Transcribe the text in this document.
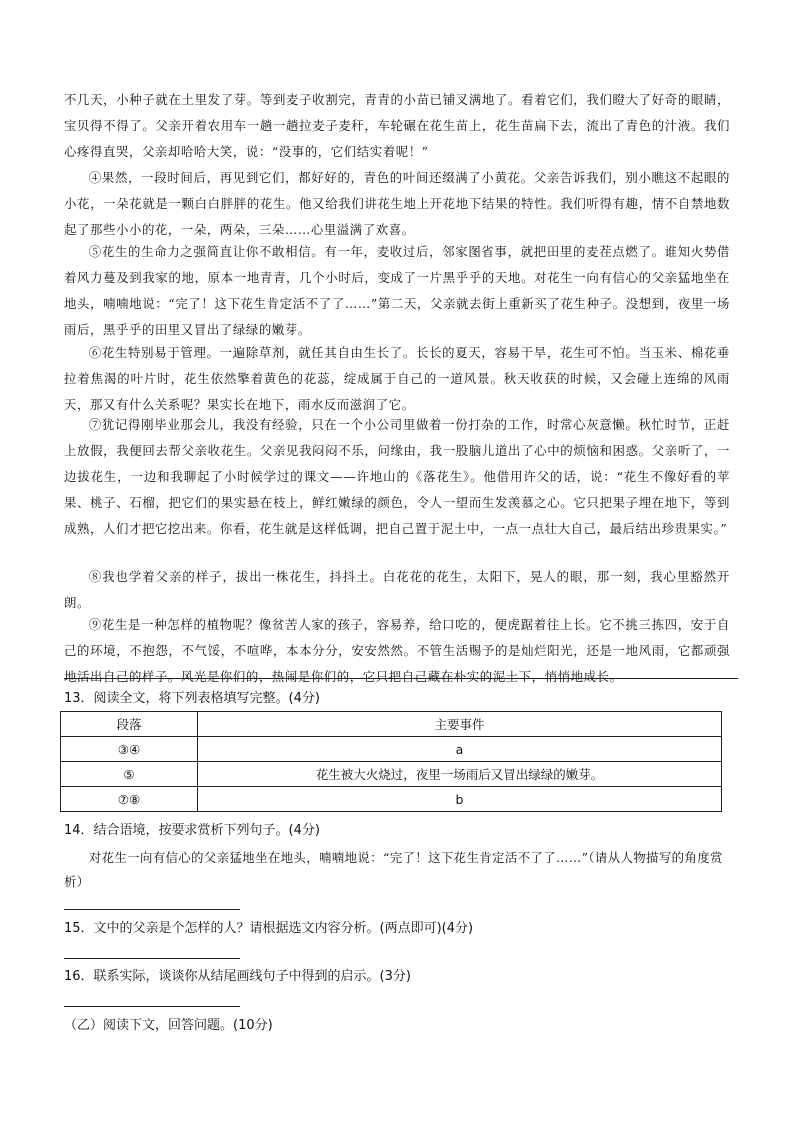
不几天，小种子就在土里发了芽。等到麦子收割完，青青的小苗已铺叉满地了。看着它们，我们瞪大了好奇的眼睛，宝贝得不得了。父亲开着农用车一趟一趟拉麦子麦秆，车轮碾在花生苗上，花生苗扁下去，流出了青色的汁液。我们心疼得直哭，父亲却哈哈大笑，说：“没事的，它们结实着呢！”

④果然，一段时间后，再见到它们，都好好的，青色的叶间还缀满了小黄花。父亲告诉我们，别小瞧这不起眼的小花，一朵花就是一颗白白胖胖的花生。他又给我们讲花生地上开花地下结果的特性。我们听得有趣，情不自禁地数起了那些小小的花，一朵，两朵，三朵……心里溢满了欢喜。

⑤花生的生命力之强简直让你不敢相信。有一年，麦收过后，邻家图省事，就把田里的麦茬点燃了。谁知火势借着风力蔓及到我家的地，原本一地青青，几个小时后，变成了一片黑乎乎的天地。对花生一向有信心的父亲猛地坐在地头，喃喃地说：“完了！这下花生肯定活不了了……”第二天，父亲就去街上重新买了花生种子。没想到，夜里一场雨后，黑乎乎的田里又冒出了绿绿的嫩芽。

⑥花生特别易于管理。一遍除草剂，就任其自由生长了。长长的夏天，容易干旱，花生可不怕。当玉米、棉花垂拉着焦渴的叶片时，花生依然擎着黄色的花蕊，绽成属于自己的一道风景。秋天收获的时候，又会碰上连绵的风雨天，那又有什么关系呢？果实长在地下，雨水反而滋润了它。

⑦犹记得刚毕业那会儿，我没有经验，只在一个小公司里做着一份打杂的工作，时常心灰意懒。秋忙时节，正赶上放假，我便回去帮父亲收花生。父亲见我闷闷不乐，问缘由，我一股脑儿道出了心中的烦恼和困惑。父亲听了，一边拔花生，一边和我聊起了小时候学过的课文——许地山的《落花生》。他借用许父的话，说：“花生不像好看的苹果、桃子、石榴，把它们的果实悬在枝上，鲜红嫩绿的颜色，令人一望而生发羡慕之心。它只把果子埋在地下，等到成熟，人们才把它挖出来。你看，花生就是这样低调，把自己置于泥土中，一点一点壮大自己，最后结出珍贵果实。”

⑧我也学着父亲的样子，拔出一株花生，抖抖土。白花花的花生，太阳下，晃人的眼，那一刻，我心里豁然开朗。

⑨花生是一种怎样的植物呢？像贫苦人家的孩子，容易养，给口吃的，便虎踞着往上长。它不挑三拣四，安于自己的环境，不抱怨，不气馁，不喧哗，本本分分，安安然然。不管生活赐予的是灿烂阳光，还是一地风雨，它都顽强地活出自己的样子。风光是你们的，热闹是你们的，它只把自己藏在朴实的泥土下，悄悄地成长。

13．阅读全文，将下列表格填写完整。(4分)

段落	主要事件
③④	a
⑤	花生被大火烧过，夜里一场雨后又冒出绿绿的嫩芽。
⑦⑧	b

14．结合语境，按要求赏析下列句子。(4分)

对花生一向有信心的父亲猛地坐在地头，喃喃地说：“完了！这下花生肯定活不了了……”（请从人物描写的角度赏析）

15．文中的父亲是个怎样的人？请根据选文内容分析。(两点即可)(4分)

16．联系实际，谈谈你从结尾画线句子中得到的启示。(3分)

（乙）阅读下文，回答问题。(10分)
